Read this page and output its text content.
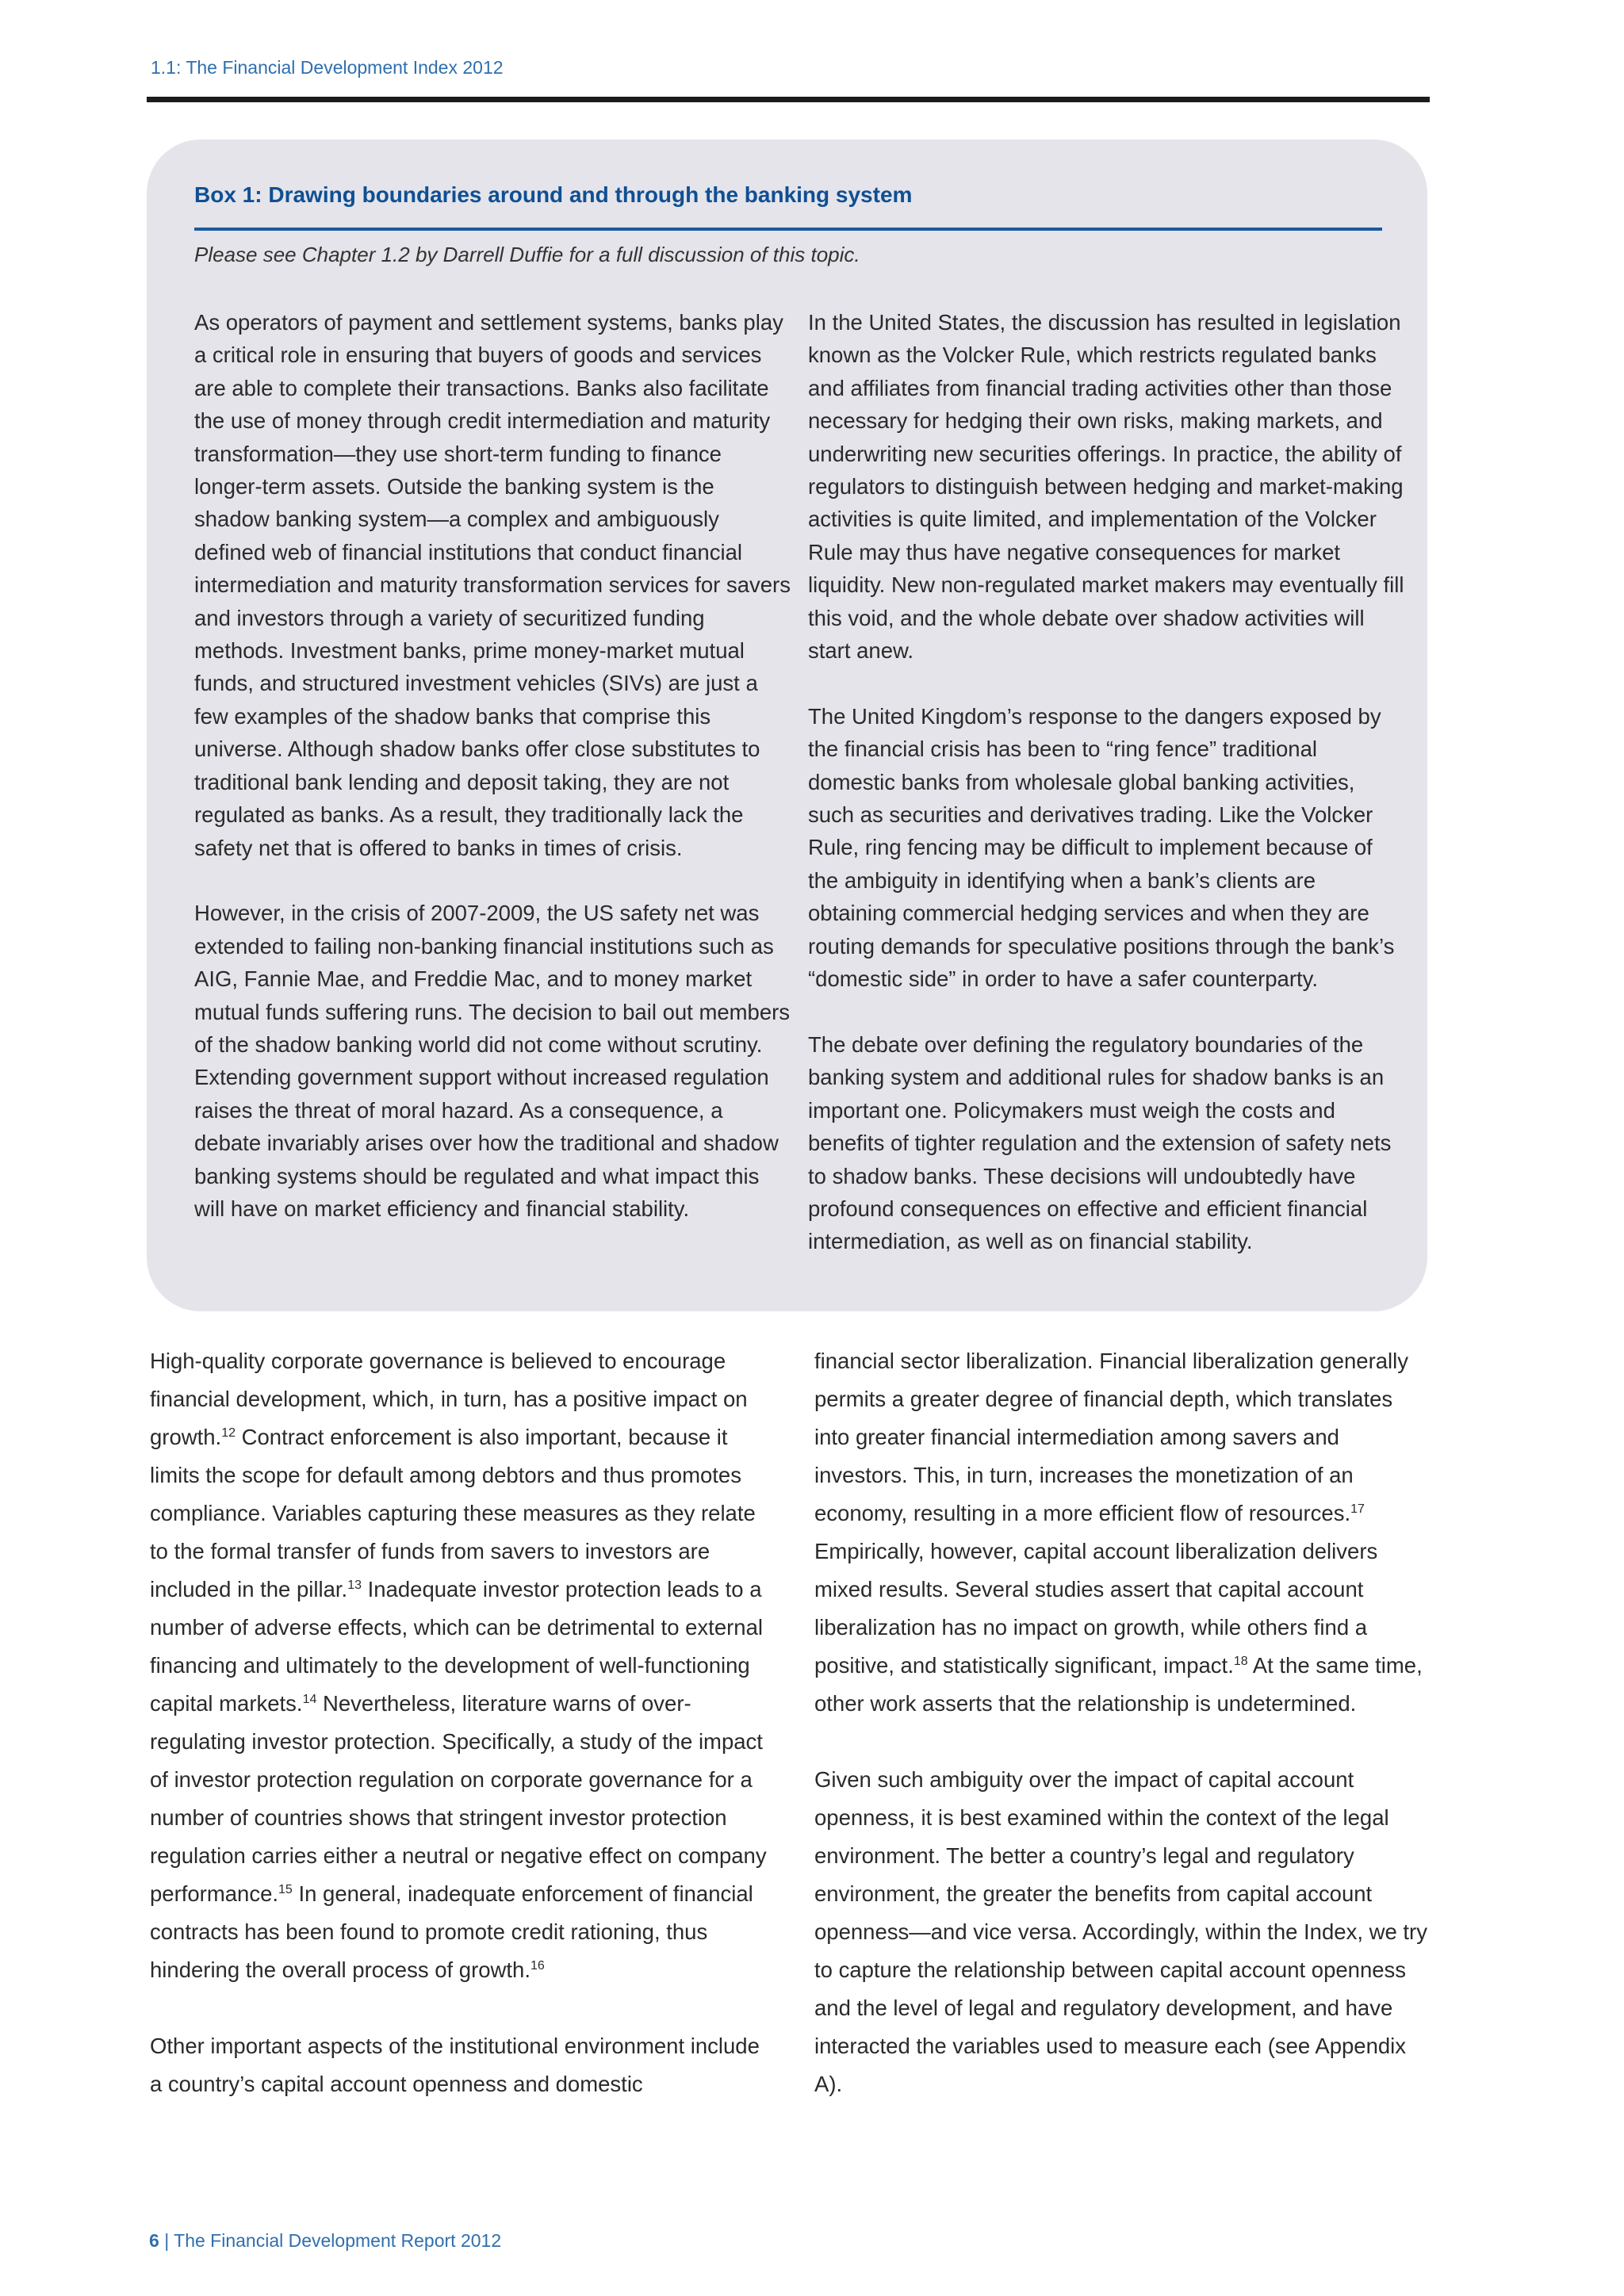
1.1: The Financial Development Index 2012
Box 1: Drawing boundaries around and through the banking system
Please see Chapter 1.2 by Darrell Duffie for a full discussion of this topic.

As operators of payment and settlement systems, banks play a critical role in ensuring that buyers of goods and services are able to complete their transactions. Banks also facilitate the use of money through credit intermediation and maturity transformation—they use short-term funding to finance longer-term assets. Outside the banking system is the shadow banking system—a complex and ambiguously defined web of financial institutions that conduct financial intermediation and maturity transformation services for savers and investors through a variety of securitized funding methods. Investment banks, prime money-market mutual funds, and structured investment vehicles (SIVs) are just a few examples of the shadow banks that comprise this universe. Although shadow banks offer close substitutes to traditional bank lending and deposit taking, they are not regulated as banks. As a result, they traditionally lack the safety net that is offered to banks in times of crisis.

However, in the crisis of 2007-2009, the US safety net was extended to failing non-banking financial institutions such as AIG, Fannie Mae, and Freddie Mac, and to money market mutual funds suffering runs. The decision to bail out members of the shadow banking world did not come without scrutiny. Extending government support without increased regulation raises the threat of moral hazard. As a consequence, a debate invariably arises over how the traditional and shadow banking systems should be regulated and what impact this will have on market efficiency and financial stability.

In the United States, the discussion has resulted in legislation known as the Volcker Rule, which restricts regulated banks and affiliates from financial trading activities other than those necessary for hedging their own risks, making markets, and underwriting new securities offerings. In practice, the ability of regulators to distinguish between hedging and market-making activities is quite limited, and implementation of the Volcker Rule may thus have negative consequences for market liquidity. New non-regulated market makers may eventually fill this void, and the whole debate over shadow activities will start anew.

The United Kingdom’s response to the dangers exposed by the financial crisis has been to “ring fence” traditional domestic banks from wholesale global banking activities, such as securities and derivatives trading. Like the Volcker Rule, ring fencing may be difficult to implement because of the ambiguity in identifying when a bank’s clients are obtaining commercial hedging services and when they are routing demands for speculative positions through the bank’s “domestic side” in order to have a safer counterparty.

The debate over defining the regulatory boundaries of the banking system and additional rules for shadow banks is an important one. Policymakers must weigh the costs and benefits of tighter regulation and the extension of safety nets to shadow banks. These decisions will undoubtedly have profound consequences on effective and efficient financial intermediation, as well as on financial stability.

High-quality corporate governance is believed to encourage financial development, which, in turn, has a positive impact on growth.$^{12}$ Contract enforcement is also important, because it limits the scope for default among debtors and thus promotes compliance. Variables capturing these measures as they relate to the formal transfer of funds from savers to investors are included in the pillar.$^{13}$ Inadequate investor protection leads to a number of adverse effects, which can be detrimental to external financing and ultimately to the development of well-functioning capital markets.$^{14}$ Nevertheless, literature warns of over-regulating investor protection. Specifically, a study of the impact of investor protection regulation on corporate governance for a number of countries shows that stringent investor protection regulation carries either a neutral or negative effect on company performance.$^{15}$ In general, inadequate enforcement of financial contracts has been found to promote credit rationing, thus hindering the overall process of growth.$^{16}$

Other important aspects of the institutional environment include a country’s capital account openness and domestic

financial sector liberalization. Financial liberalization generally permits a greater degree of financial depth, which translates into greater financial intermediation among savers and investors. This, in turn, increases the monetization of an economy, resulting in a more efficient flow of resources.$^{17}$ Empirically, however, capital account liberalization delivers mixed results. Several studies assert that capital account liberalization has no impact on growth, while others find a positive, and statistically significant, impact.$^{18}$ At the same time, other work asserts that the relationship is undetermined.

Given such ambiguity over the impact of capital account openness, it is best examined within the context of the legal environment. The better a country’s legal and regulatory environment, the greater the benefits from capital account openness—and vice versa. Accordingly, within the Index, we try to capture the relationship between capital account openness and the level of legal and regulatory development, and have interacted the variables used to measure each (see Appendix A).

6 | The Financial Development Report 2012
